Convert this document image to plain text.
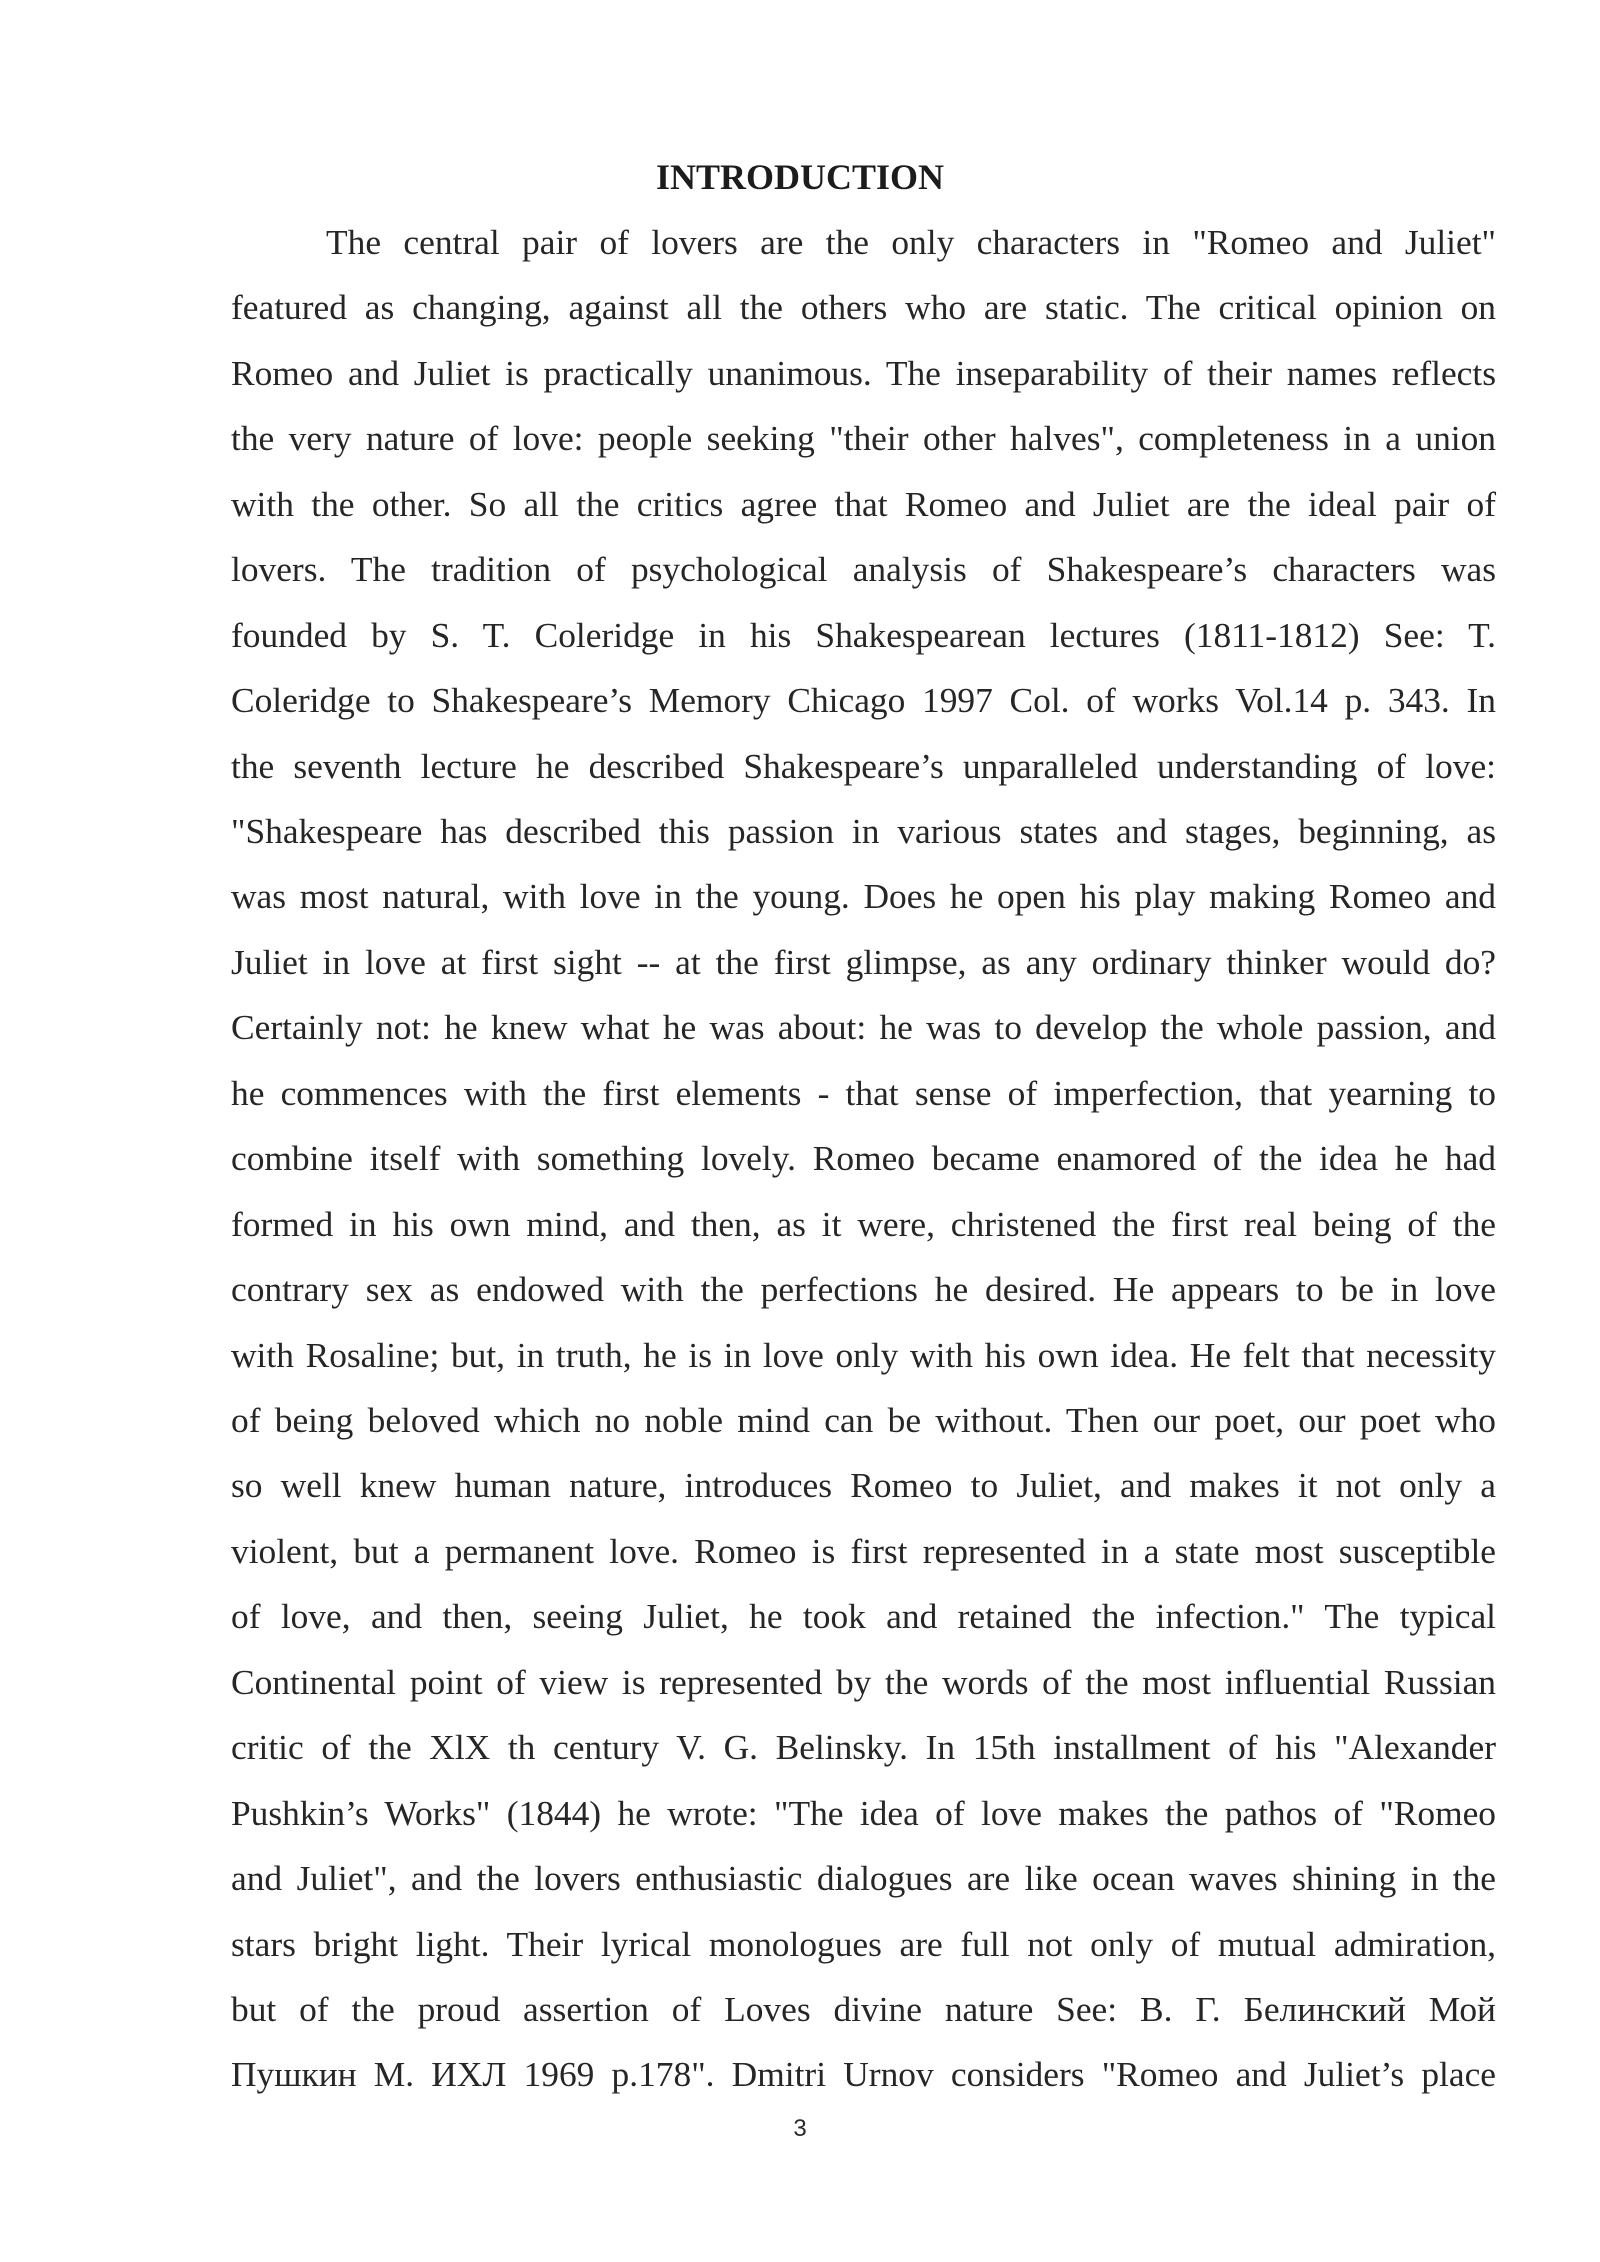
INTRODUCTION

The central pair of lovers are the only characters in "Romeo and Juliet"

featured as changing, against all the others who are static. The critical opinion on

Romeo and Juliet is practically unanimous. The inseparability of their names reflects

the very nature of love: people seeking "their other halves", completeness in a union

with the other. So all the critics agree that Romeo and Juliet are the ideal pair of

lovers. The tradition of psychological analysis of Shakespeare’s characters was

founded by S. T. Coleridge in his Shakespearean lectures (1811-1812) See: T.

Coleridge to Shakespeare’s Memory Chicago 1997 Col. of works Vol.14 p. 343. In

the seventh lecture he described Shakespeare’s unparalleled understanding of love:

"Shakespeare has described this passion in various states and stages, beginning, as

was most natural, with love in the young. Does he open his play making Romeo and

Juliet in love at first sight -- at the first glimpse, as any ordinary thinker would do?

Certainly not: he knew what he was about: he was to develop the whole passion, and

he commences with the first elements - that sense of imperfection, that yearning to

combine itself with something lovely. Romeo became enamored of the idea he had

formed in his own mind, and then, as it were, christened the first real being of the

contrary sex as endowed with the perfections he desired. He appears to be in love

with Rosaline; but, in truth, he is in love only with his own idea. He felt that necessity

of being beloved which no noble mind can be without. Then our poet, our poet who

so well knew human nature, introduces Romeo to Juliet, and makes it not only a

violent, but a permanent love. Romeo is first represented in a state most susceptible

of love, and then, seeing Juliet, he took and retained the infection." The typical

Continental point of view is represented by the words of the most influential Russian

critic of the XlX th century V. G. Belinsky. In 15th installment of his "Alexander

Pushkin’s Works" (1844) he wrote: "The idea of love makes the pathos of "Romeo

and Juliet", and the lovers enthusiastic dialogues are like ocean waves shining in the

stars bright light. Their lyrical monologues are full not only of mutual admiration,

but of the proud assertion of Loves divine nature See: В. Г. Белинский Мой

Пушкин М. ИХЛ 1969 p.178". Dmitri Urnov considers "Romeo and Juliet’s place

3
